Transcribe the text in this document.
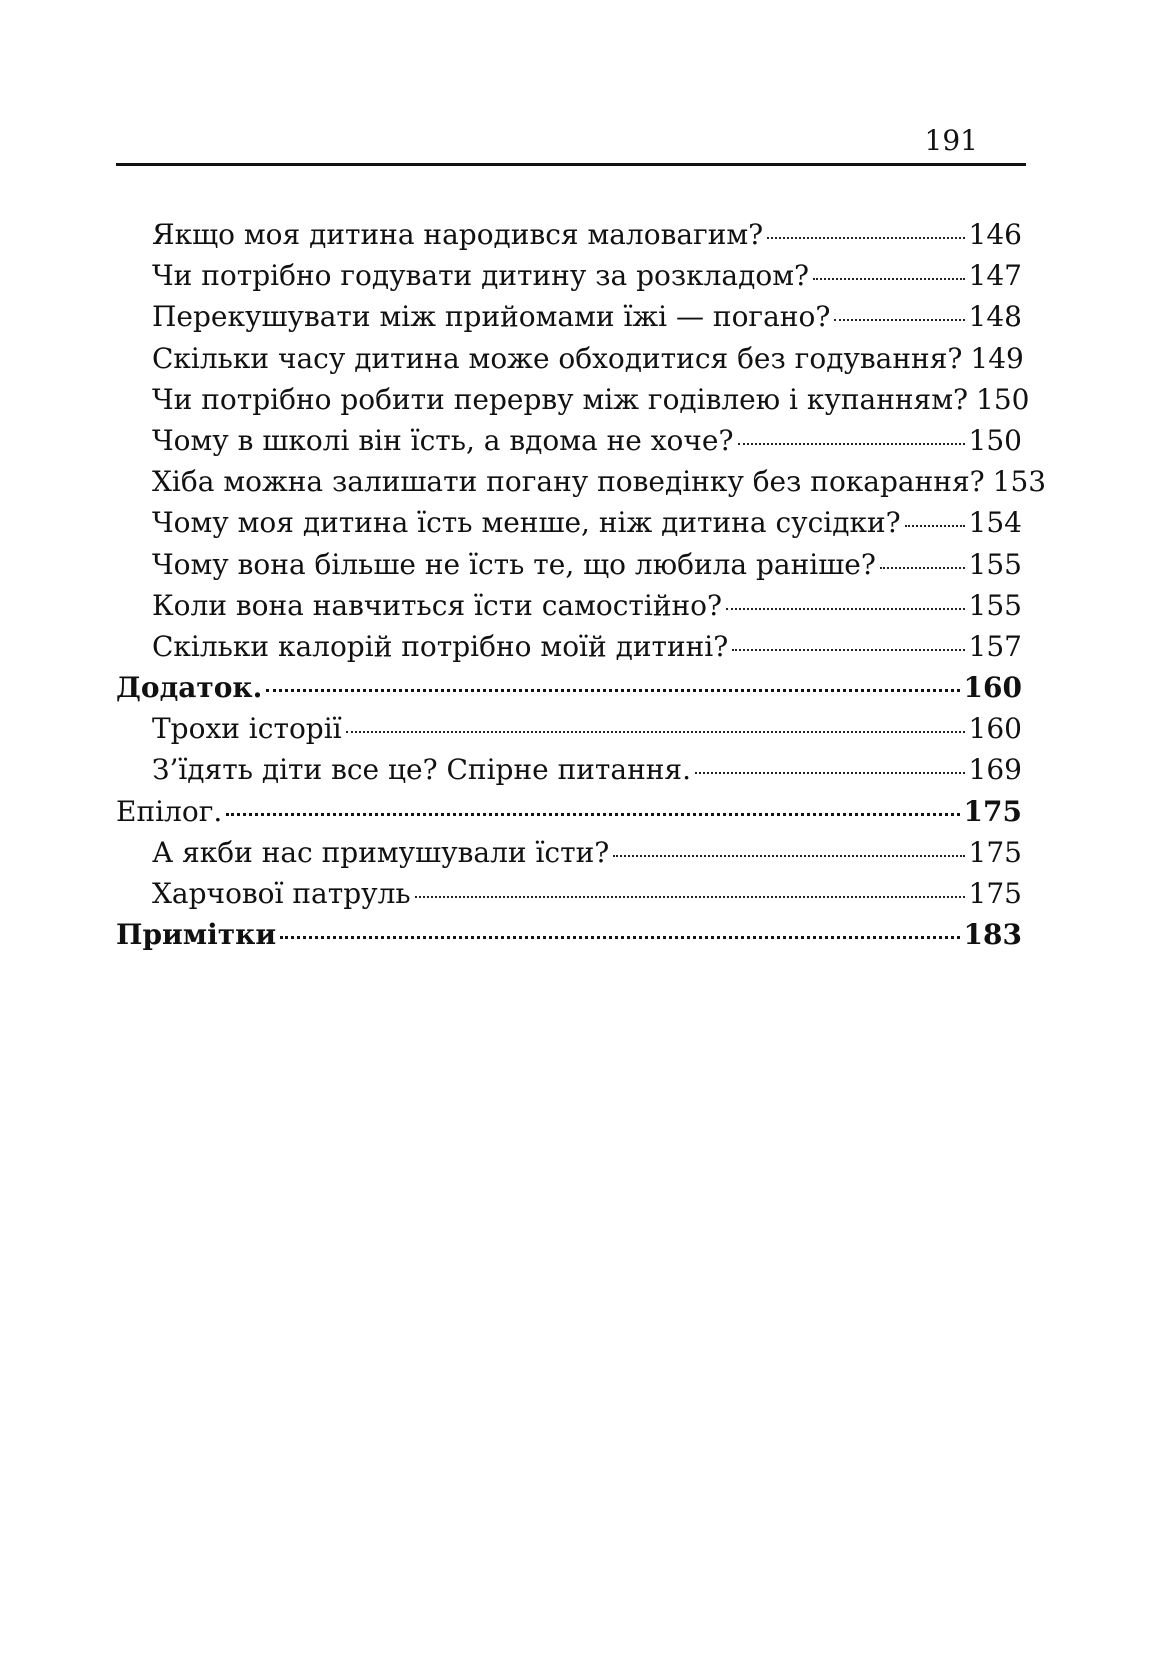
191
Якщо моя дитина народився маловагим?	146
Чи потрібно годувати дитину за розкладом?	147
Перекушувати між прийомами їжі — погано?	148
Скільки часу дитина може обходитися без годування? 149
Чи потрібно робити перерву між годівлею і купанням? 150
Чому в школі він їсть, а вдома не хоче?	150
Хіба можна залишати погану поведінку без покарання? 153
Чому моя дитина їсть менше, ніж дитина сусідки? 154
Чому вона більше не їсть те, що любила раніше?	155
Коли вона навчиться їсти самостійно?	155
Скільки калорій потрібно моїй дитині?	157
Додаток.	160
Трохи історії	160
З’їдять діти все це? Спірне питання.	169
Епілог.	175
А якби нас примушували їсти?	175
Харчової патруль	175
Примітки	183
